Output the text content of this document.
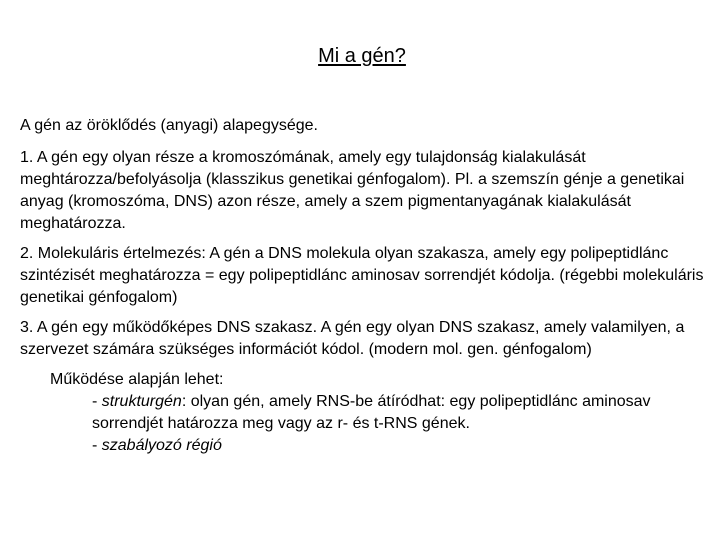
Mi a gén?

A gén az öröklődés (anyagi) alapegysége.

1. A gén egy olyan része a kromoszómának, amely egy tulajdonság kialakulását meghtározza/befolyásolja (klasszikus genetikai génfogalom). Pl. a szemszín génje a genetikai anyag (kromoszóma, DNS) azon része, amely a szem pigmentanyagának kialakulását meghatározza.

2. Molekuláris értelmezés: A gén a DNS molekula olyan szakasza, amely egy polipeptidlánc szintézisét meghatározza = egy polipeptidlánc aminosav sorrendjét kódolja. (régebbi molekuláris genetikai génfogalom)

3. A gén egy működőképes DNS szakasz. A gén egy olyan DNS szakasz, amely valamilyen, a szervezet számára szükséges információt kódol. (modern mol. gen. génfogalom)

Működése alapján lehet:

- strukturgén: olyan gén, amely RNS-be átíródhat: egy polipeptidlánc aminosav sorrendjét határozza meg vagy az r- és t-RNS gének.

- szabályozó régió
